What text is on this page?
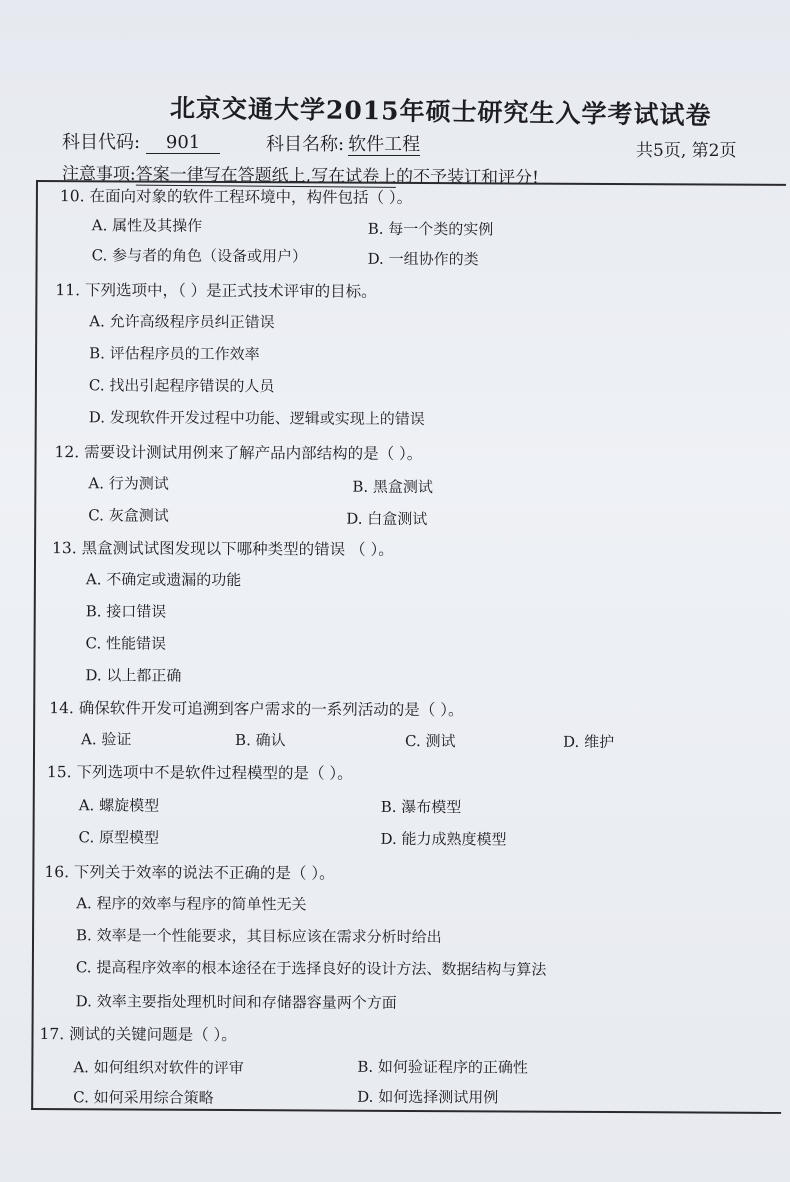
北京交通大学2015年硕士研究生入学考试试卷
科目代码: 901	科目名称: 软件工程	共5页, 第2页
注意事项:答案一律写在答题纸上,写在试卷上的不予装订和评分!
10. 在面向对象的软件工程环境中，构件包括（ ）。
A. 属性及其操作	B. 每一个类的实例
C. 参与者的角色（设备或用户）	D. 一组协作的类
11. 下列选项中，（ ）是正式技术评审的目标。
A. 允许高级程序员纠正错误
B. 评估程序员的工作效率
C. 找出引起程序错误的人员
D. 发现软件开发过程中功能、逻辑或实现上的错误
12. 需要设计测试用例来了解产品内部结构的是（ ）。
A. 行为测试	B. 黑盒测试
C. 灰盒测试	D. 白盒测试
13. 黑盒测试试图发现以下哪种类型的错误 （ ）。
A. 不确定或遗漏的功能
B. 接口错误
C. 性能错误
D. 以上都正确
14. 确保软件开发可追溯到客户需求的一系列活动的是（ ）。
A. 验证	B. 确认	C. 测试	D. 维护
15. 下列选项中不是软件过程模型的是（ ）。
A. 螺旋模型	B. 瀑布模型
C. 原型模型	D. 能力成熟度模型
16. 下列关于效率的说法不正确的是（ ）。
A. 程序的效率与程序的简单性无关
B. 效率是一个性能要求，其目标应该在需求分析时给出
C. 提高程序效率的根本途径在于选择良好的设计方法、数据结构与算法
D. 效率主要指处理机时间和存储器容量两个方面
17. 测试的关键问题是（ ）。
A. 如何组织对软件的评审	B. 如何验证程序的正确性
C. 如何采用综合策略	D. 如何选择测试用例
